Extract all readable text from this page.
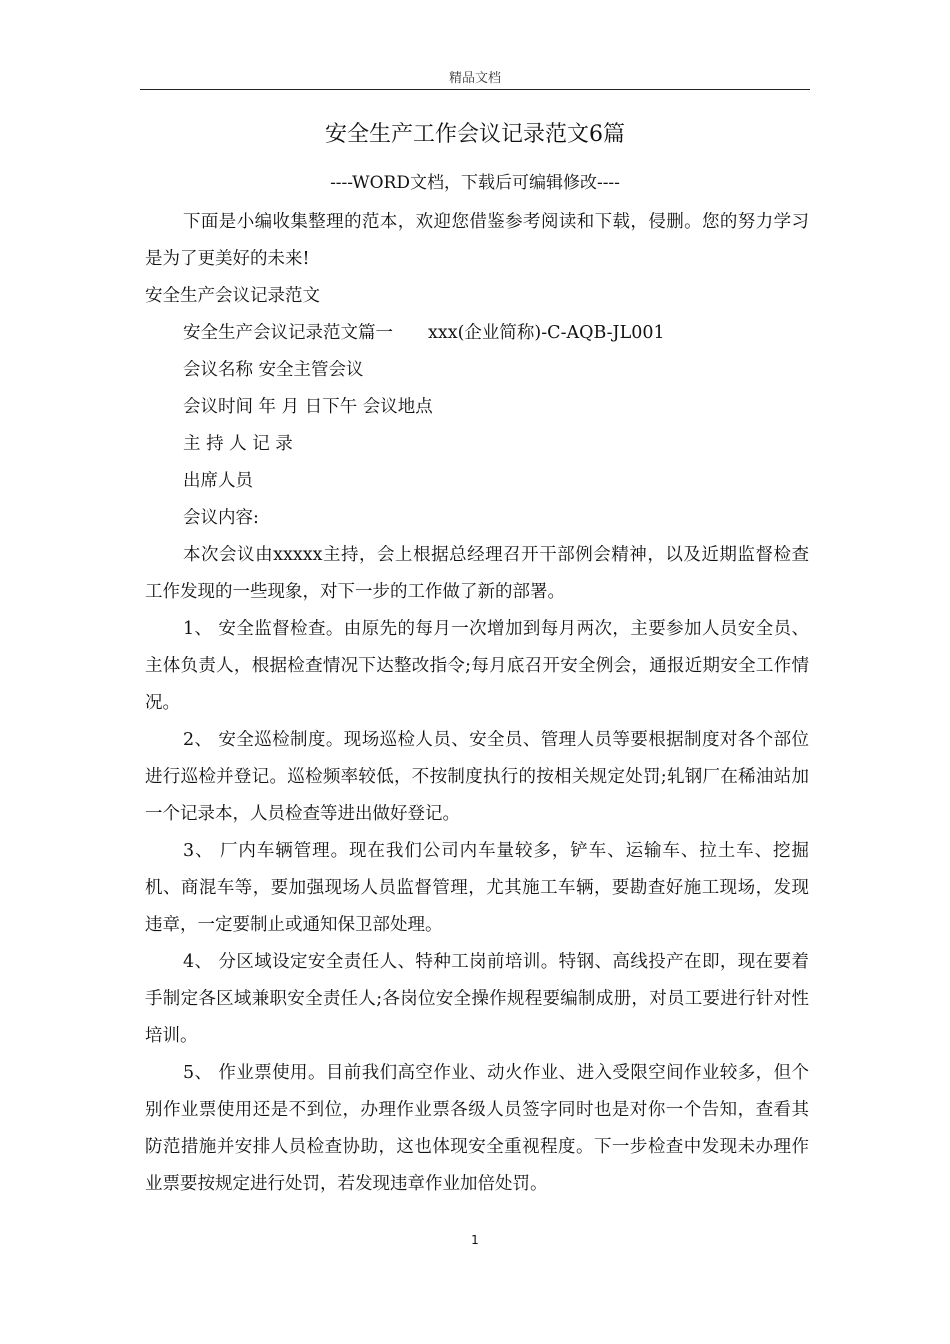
精品文档
安全生产工作会议记录范文6篇
----WORD文档，下载后可编辑修改----

下面是小编收集整理的范本，欢迎您借鉴参考阅读和下载，侵删。您的努力学习是为了更美好的未来!

安全生产会议记录范文

安全生产会议记录范文篇一　　xxx(企业简称)-C-AQB-JL001

会议名称 安全主管会议

会议时间 年 月 日下午 会议地点

主 持 人 记 录

出席人员

会议内容:

本次会议由xxxxx主持，会上根据总经理召开干部例会精神，以及近期监督检查工作发现的一些现象，对下一步的工作做了新的部署。

1、 安全监督检查。由原先的每月一次增加到每月两次，主要参加人员安全员、主体负责人，根据检查情况下达整改指令;每月底召开安全例会，通报近期安全工作情况。

2、 安全巡检制度。现场巡检人员、安全员、管理人员等要根据制度对各个部位进行巡检并登记。巡检频率较低，不按制度执行的按相关规定处罚;轧钢厂在稀油站加一个记录本，人员检查等进出做好登记。

3、 厂内车辆管理。现在我们公司内车量较多，铲车、运输车、拉土车、挖掘机、商混车等，要加强现场人员监督管理，尤其施工车辆，要勘查好施工现场，发现违章，一定要制止或通知保卫部处理。

4、 分区域设定安全责任人、特种工岗前培训。特钢、高线投产在即，现在要着手制定各区域兼职安全责任人;各岗位安全操作规程要编制成册，对员工要进行针对性培训。

5、 作业票使用。目前我们高空作业、动火作业、进入受限空间作业较多，但个别作业票使用还是不到位，办理作业票各级人员签字同时也是对你一个告知，查看其防范措施并安排人员检查协助，这也体现安全重视程度。下一步检查中发现未办理作业票要按规定进行处罚，若发现违章作业加倍处罚。

1
